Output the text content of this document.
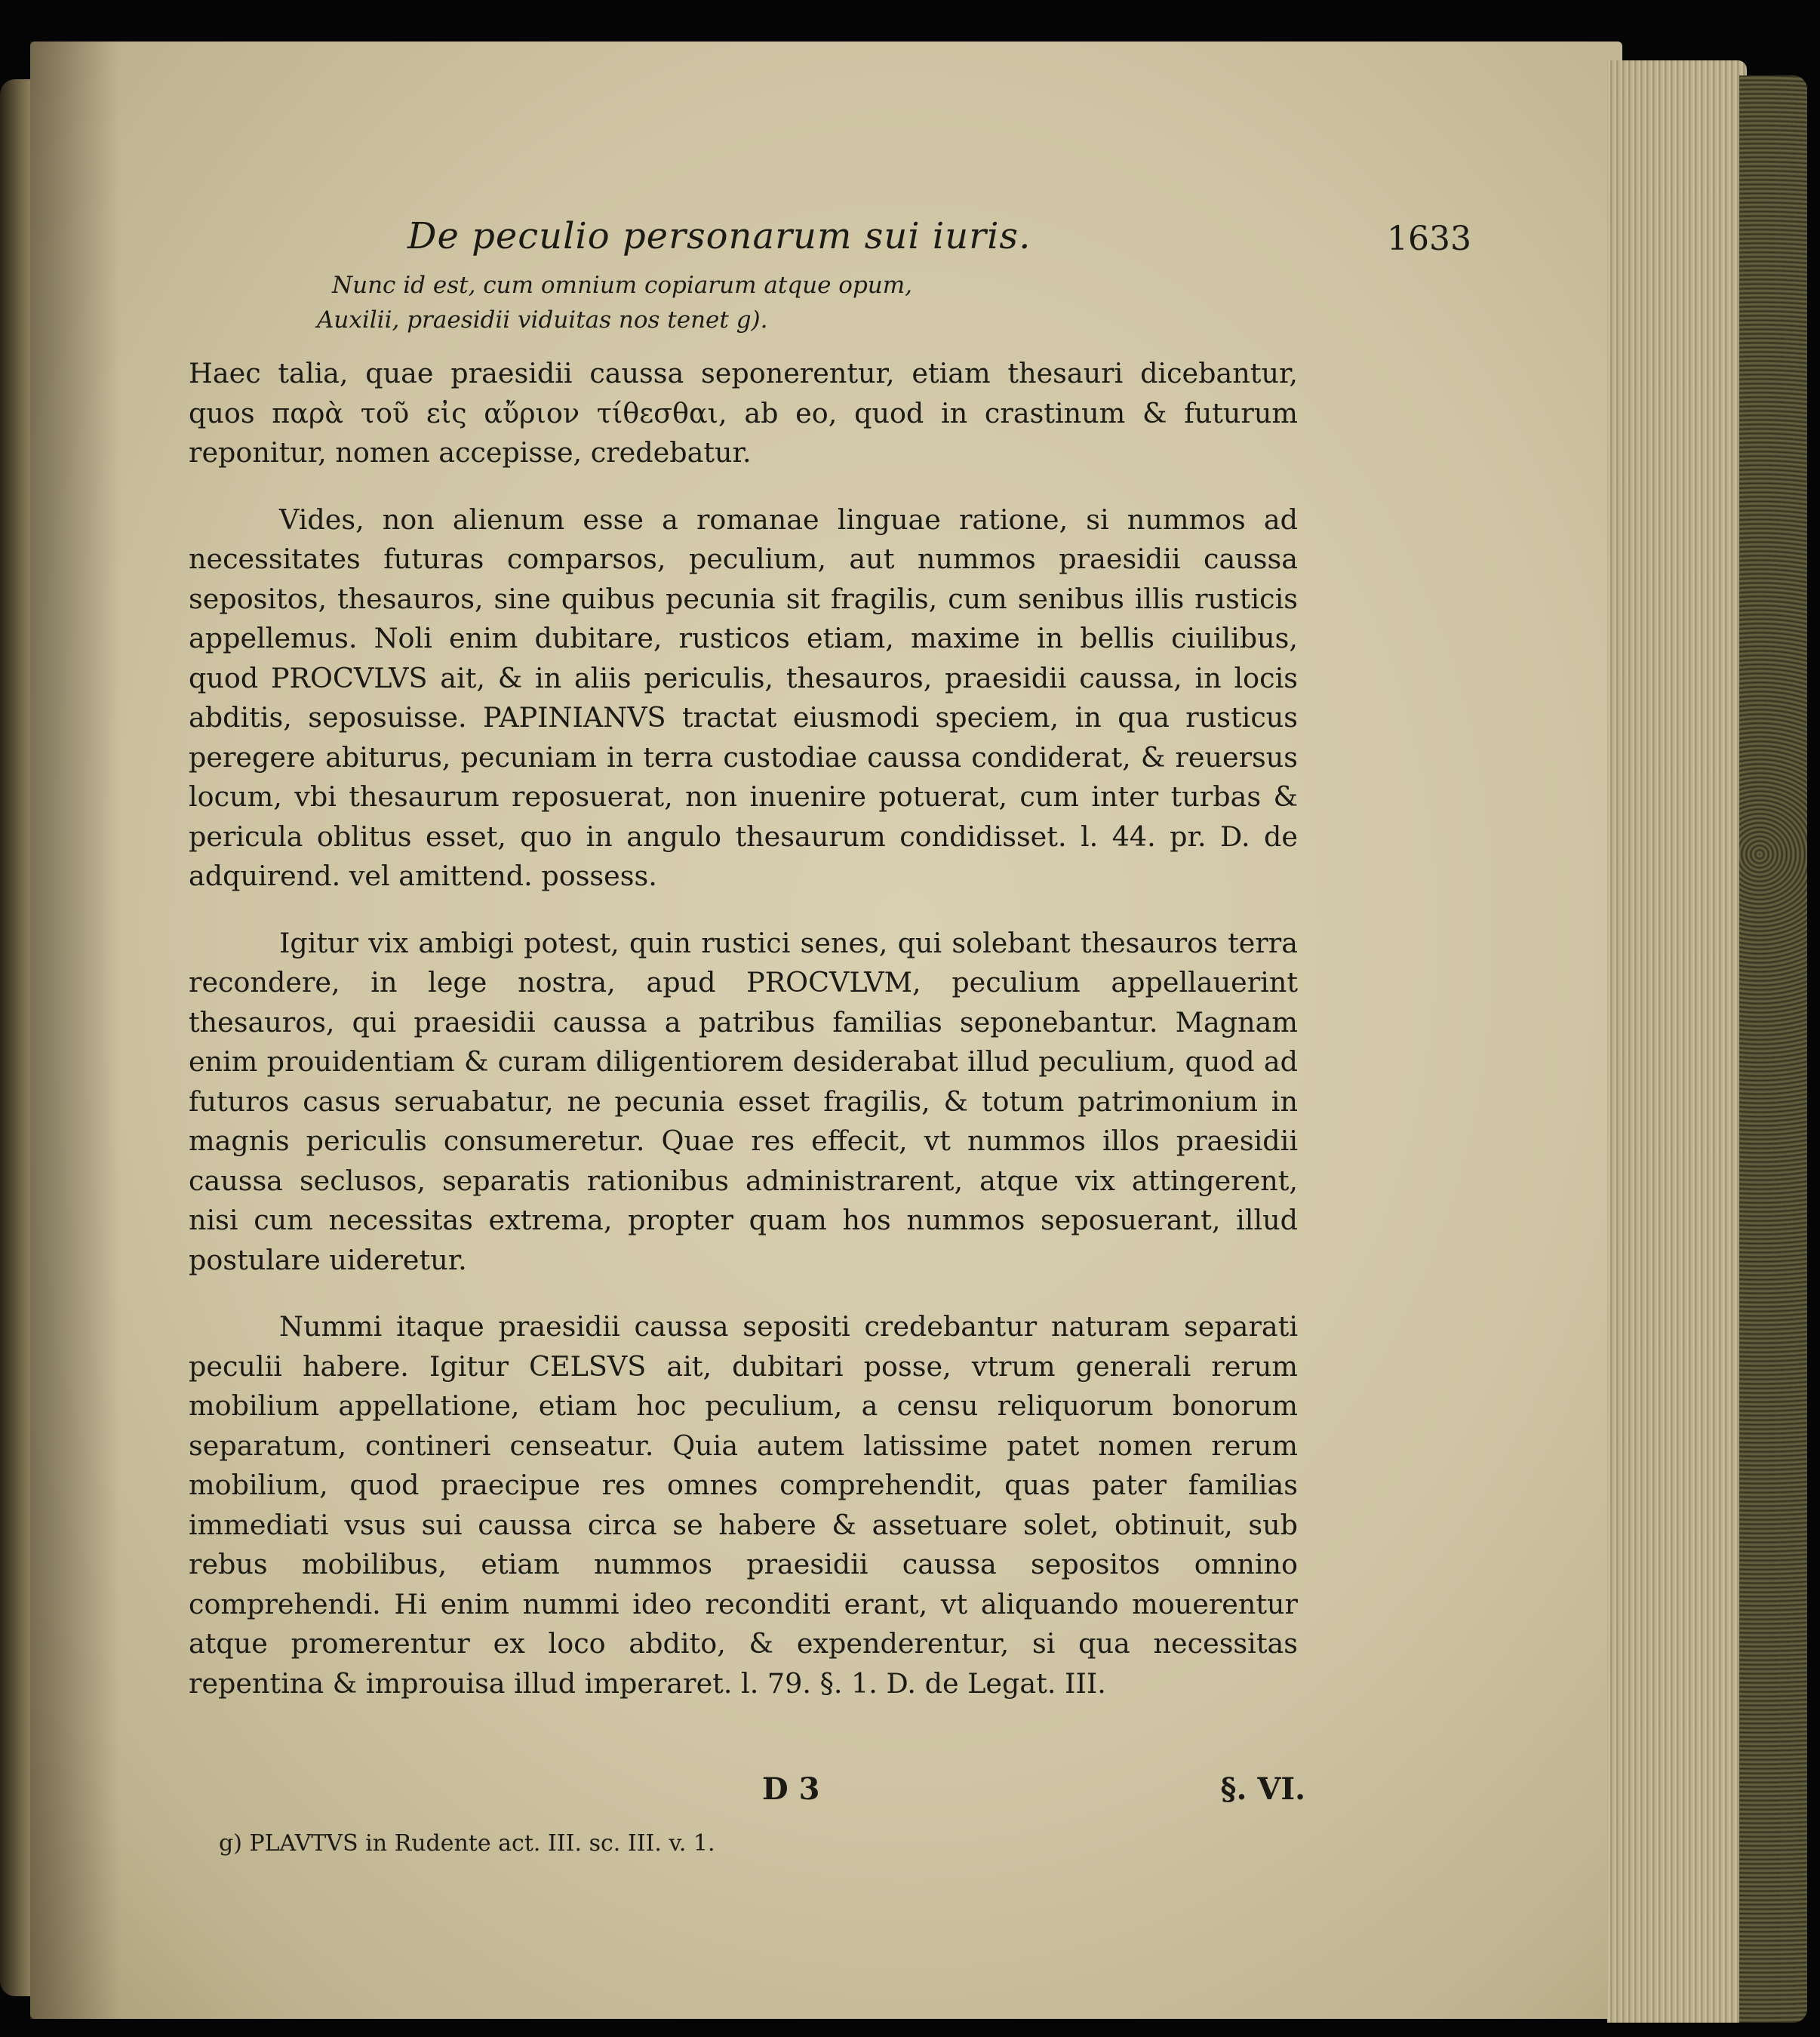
De peculio personarum sui iuris.	1633
Nunc id est, cum omnium copiarum atque opum,
Auxilii, praesidii viduitas nos tenet g).

Haec talia, quae praesidii caussa seponerentur, etiam thesauri dicebantur, quos παρὰ τοῦ εἰς αὔριον τίθεσθαι, ab eo, quod in crastinum & futurum reponitur, nomen accepisse, credebatur.

Vides, non alienum esse a romanae linguae ratione, si nummos ad necessitates futuras comparsos, peculium, aut nummos praesidii caussa sepositos, thesauros, sine quibus pecunia sit fragilis, cum senibus illis rusticis appellemus. Noli enim dubitare, rusticos etiam, maxime in bellis ciuilibus, quod PROCVLVS ait, & in aliis periculis, thesauros, praesidii caussa, in locis abditis, seposuisse. PAPINIANVS tractat eiusmodi speciem, in qua rusticus peregere abiturus, pecuniam in terra custodiae caussa condiderat, & reuersus locum, vbi thesaurum reposuerat, non inuenire potuerat, cum inter turbas & pericula oblitus esset, quo in angulo thesaurum condidisset. l. 44. pr. D. de adquirend. vel amittend. possess.

Igitur vix ambigi potest, quin rustici senes, qui solebant thesauros terra recondere, in lege nostra, apud PROCVLVM, peculium appellauerint thesauros, qui praesidii caussa a patribus familias seponebantur. Magnam enim prouidentiam & curam diligentiorem desiderabat illud peculium, quod ad futuros casus seruabatur, ne pecunia esset fragilis, & totum patrimonium in magnis periculis consumeretur. Quae res effecit, vt nummos illos praesidii caussa seclusos, separatis rationibus administrarent, atque vix attingerent, nisi cum necessitas extrema, propter quam hos nummos seposuerant, illud postulare uideretur.

Nummi itaque praesidii caussa sepositi credebantur naturam separati peculii habere. Igitur CELSVS ait, dubitari posse, vtrum generali rerum mobilium appellatione, etiam hoc peculium, a censu reliquorum bonorum separatum, contineri censeatur. Quia autem latissime patet nomen rerum mobilium, quod praecipue res omnes comprehendit, quas pater familias immediati vsus sui caussa circa se habere & assetuare solet, obtinuit, sub rebus mobilibus, etiam nummos praesidii caussa sepositos omnino comprehendi. Hi enim nummi ideo reconditi erant, vt aliquando mouerentur atque promerentur ex loco abdito, & expenderentur, si qua necessitas repentina & improuisa illud imperaret. l. 79. §. 1. D. de Legat. III.

D 3	§. VI.
g) PLAVTVS in Rudente act. III. sc. III. v. 1.
